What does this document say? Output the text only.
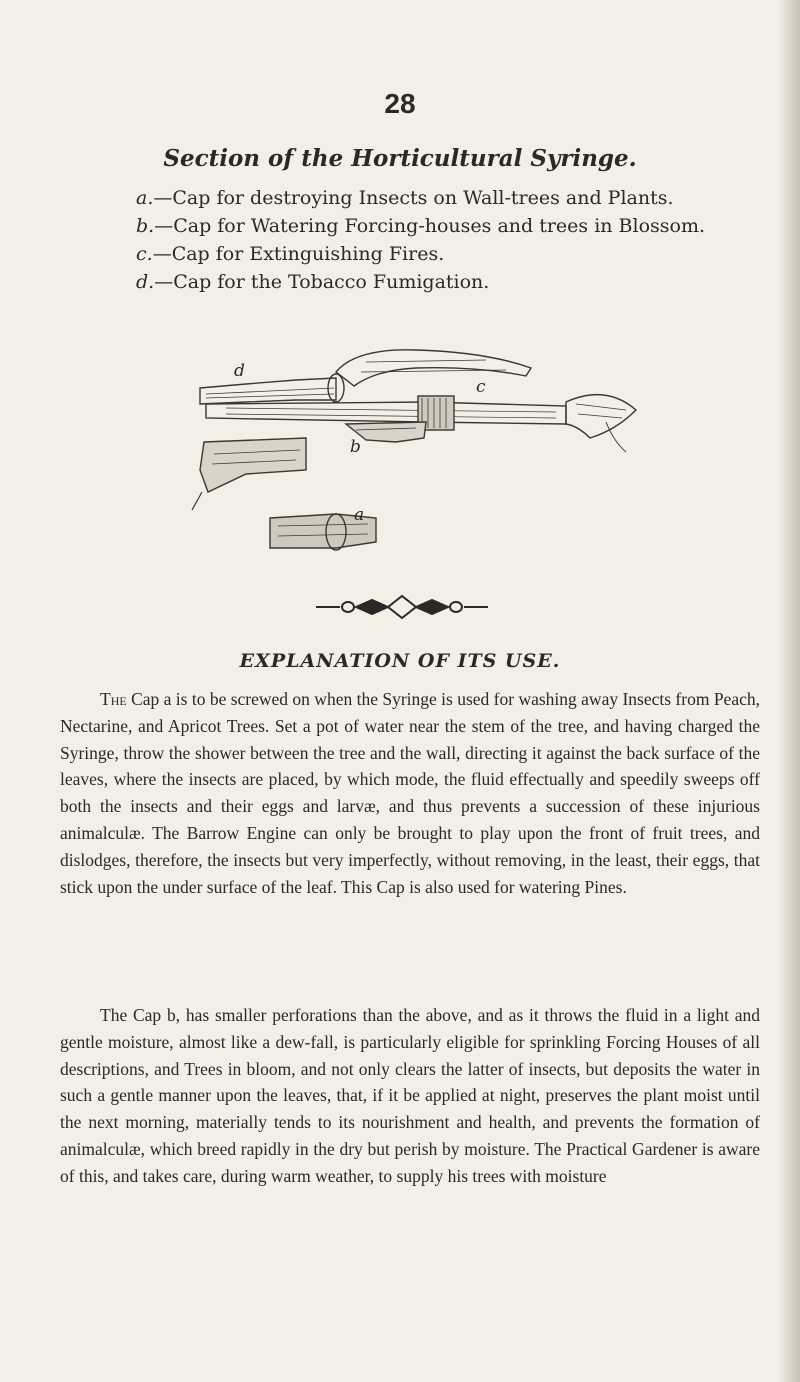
28
Section of the Horticultural Syringe.
a.—Cap for destroying Insects on Wall-trees and Plants.
b.—Cap for Watering Forcing-houses and trees in Blossom.
c.—Cap for Extinguishing Fires.
d.—Cap for the Tobacco Fumigation.
d
c
b
a
EXPLANATION OF ITS USE.
The Cap a is to be screwed on when the Syringe is used for washing away Insects from Peach, Nectarine, and Apricot Trees. Set a pot of water near the stem of the tree, and having charged the Syringe, throw the shower between the tree and the wall, directing it against the back surface of the leaves, where the insects are placed, by which mode, the fluid effectually and speedily sweeps off both the insects and their eggs and larvæ, and thus prevents a succession of these injurious animalculæ. The Barrow Engine can only be brought to play upon the front of fruit trees, and dislodges, therefore, the insects but very imperfectly, without removing, in the least, their eggs, that stick upon the under surface of the leaf. This Cap is also used for watering Pines.
The Cap b, has smaller perforations than the above, and as it throws the fluid in a light and gentle moisture, almost like a dew-fall, is particularly eligible for sprinkling Forcing Houses of all descriptions, and Trees in bloom, and not only clears the latter of insects, but deposits the water in such a gentle manner upon the leaves, that, if it be applied at night, preserves the plant moist until the next morning, materially tends to its nourishment and health, and prevents the formation of animalculæ, which breed rapidly in the dry but perish by moisture. The Practical Gardener is aware of this, and takes care, during warm weather, to supply his trees with moisture
